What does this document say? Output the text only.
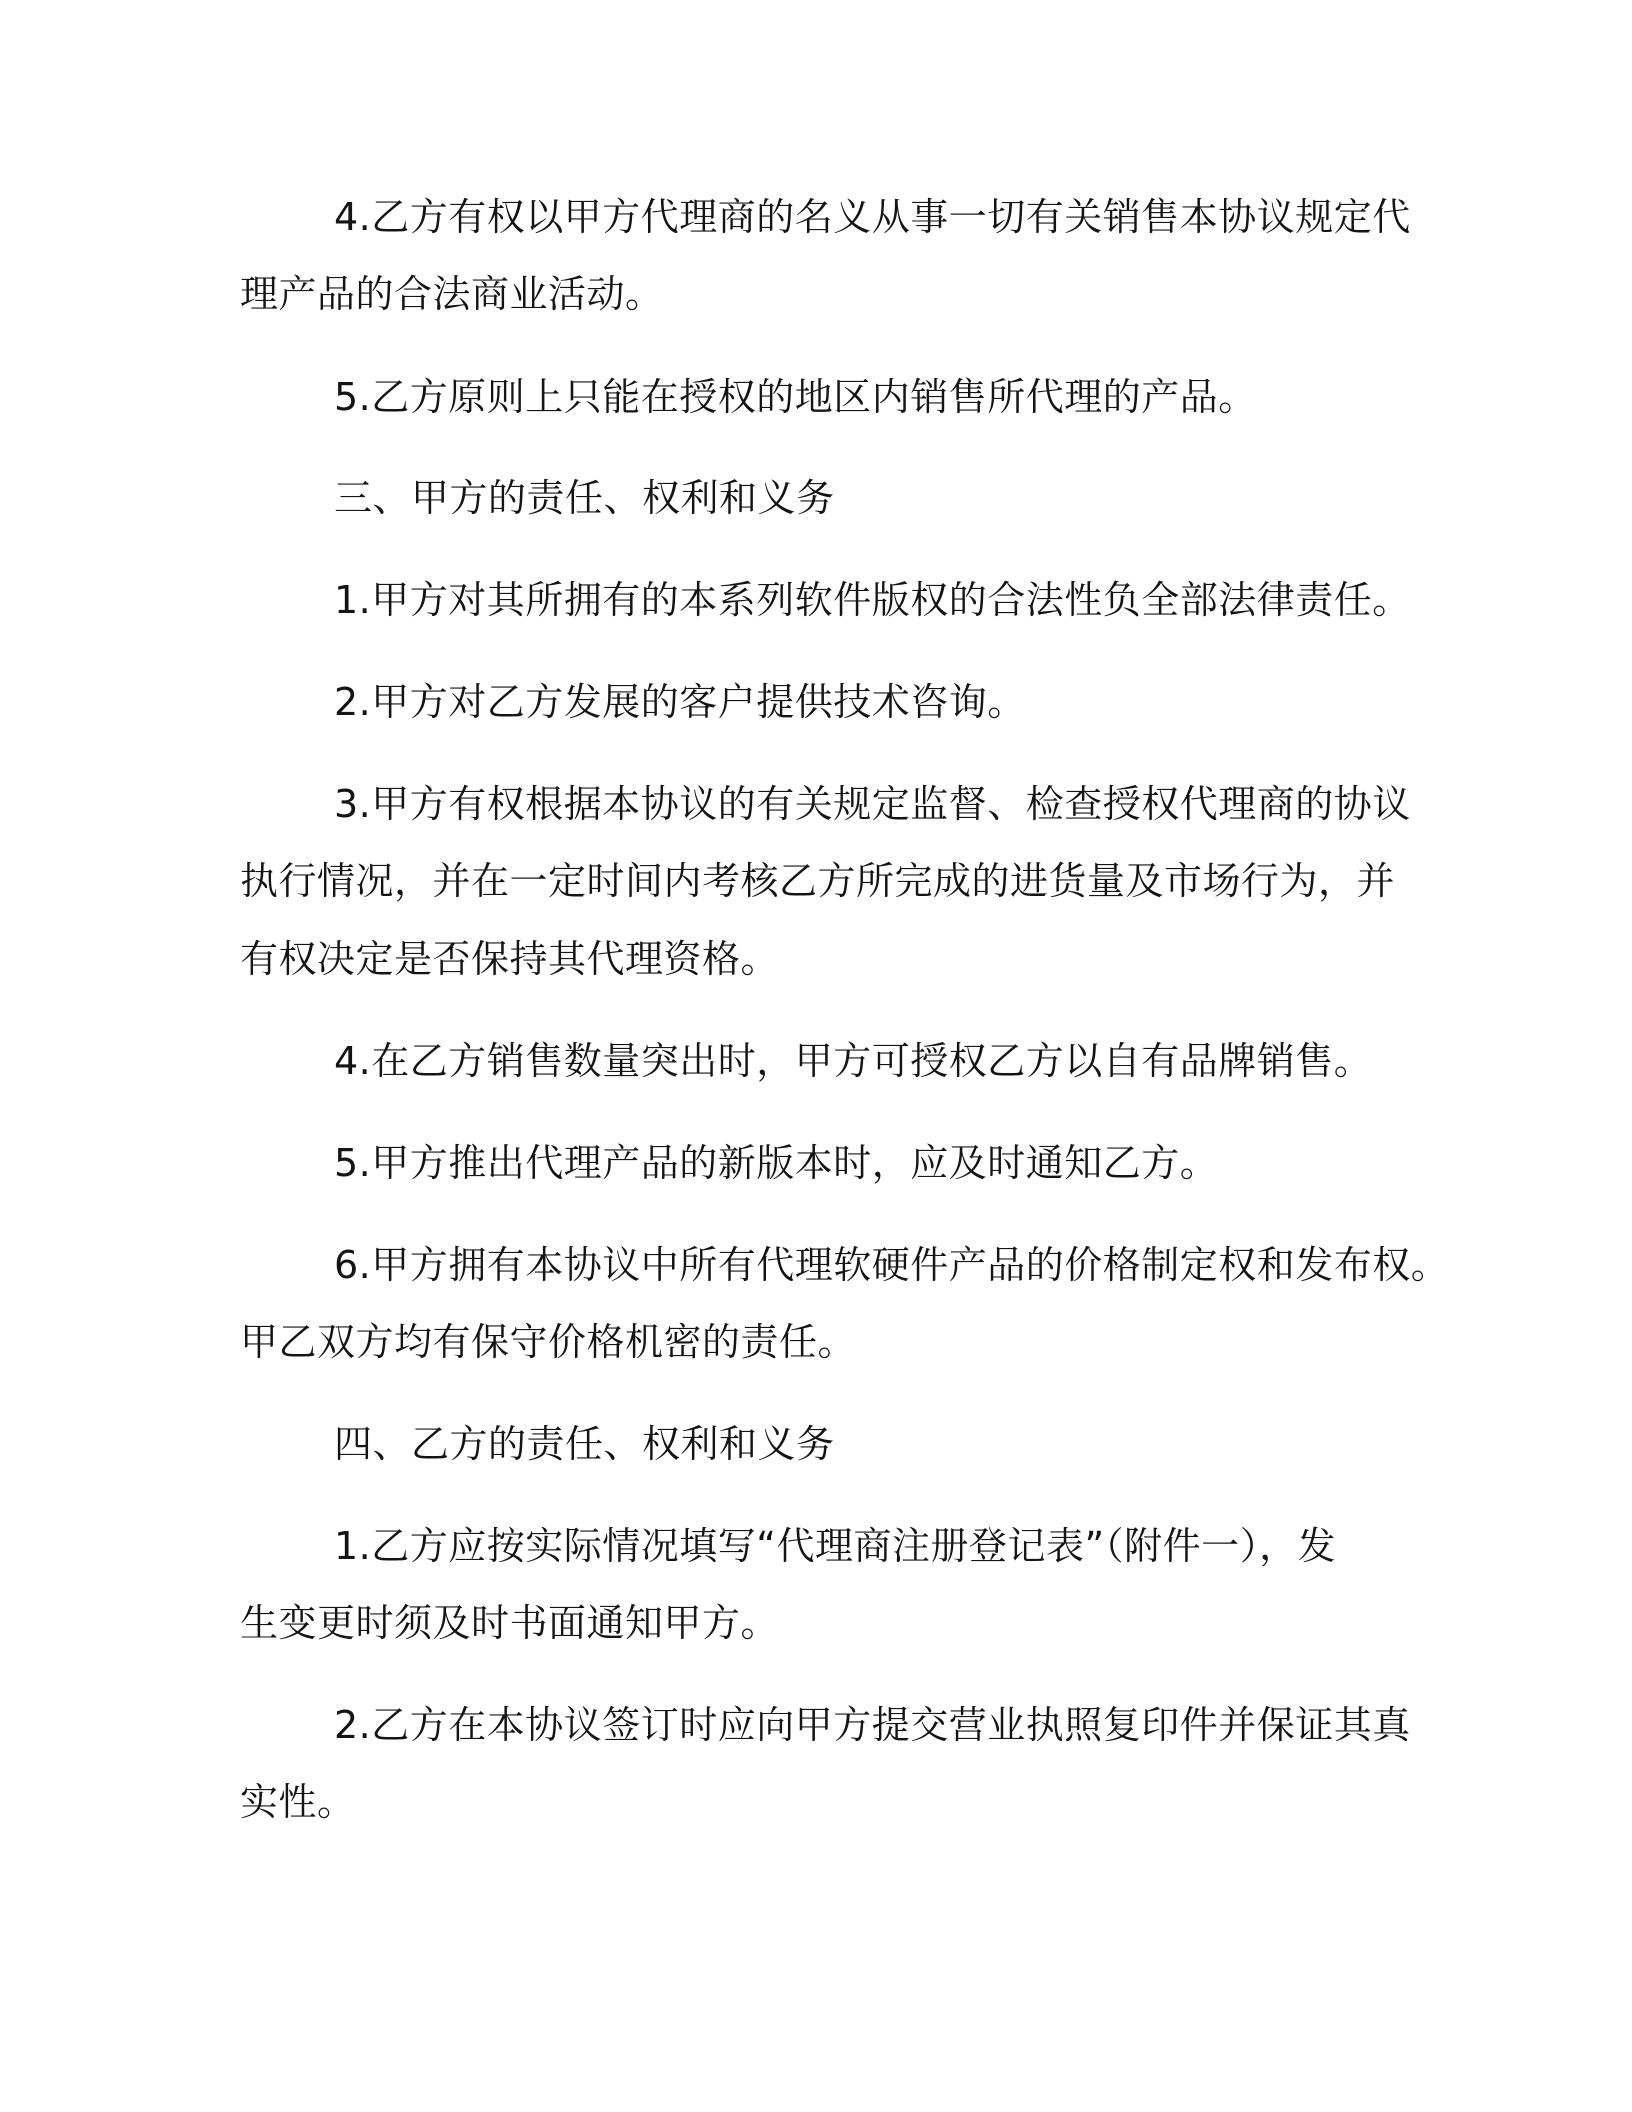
4.乙方有权以甲方代理商的名义从事一切有关销售本协议规定代
理产品的合法商业活动。
5.乙方原则上只能在授权的地区内销售所代理的产品。
三、甲方的责任、权利和义务
1.甲方对其所拥有的本系列软件版权的合法性负全部法律责任。
2.甲方对乙方发展的客户提供技术咨询。
3.甲方有权根据本协议的有关规定监督、检查授权代理商的协议
执行情况，并在一定时间内考核乙方所完成的进货量及市场行为，并
有权决定是否保持其代理资格。
4.在乙方销售数量突出时，甲方可授权乙方以自有品牌销售。
5.甲方推出代理产品的新版本时，应及时通知乙方。
6.甲方拥有本协议中所有代理软硬件产品的价格制定权和发布权。
甲乙双方均有保守价格机密的责任。
四、乙方的责任、权利和义务
1.乙方应按实际情况填写“代理商注册登记表”（附件一），发
生变更时须及时书面通知甲方。
2.乙方在本协议签订时应向甲方提交营业执照复印件并保证其真
实性。
